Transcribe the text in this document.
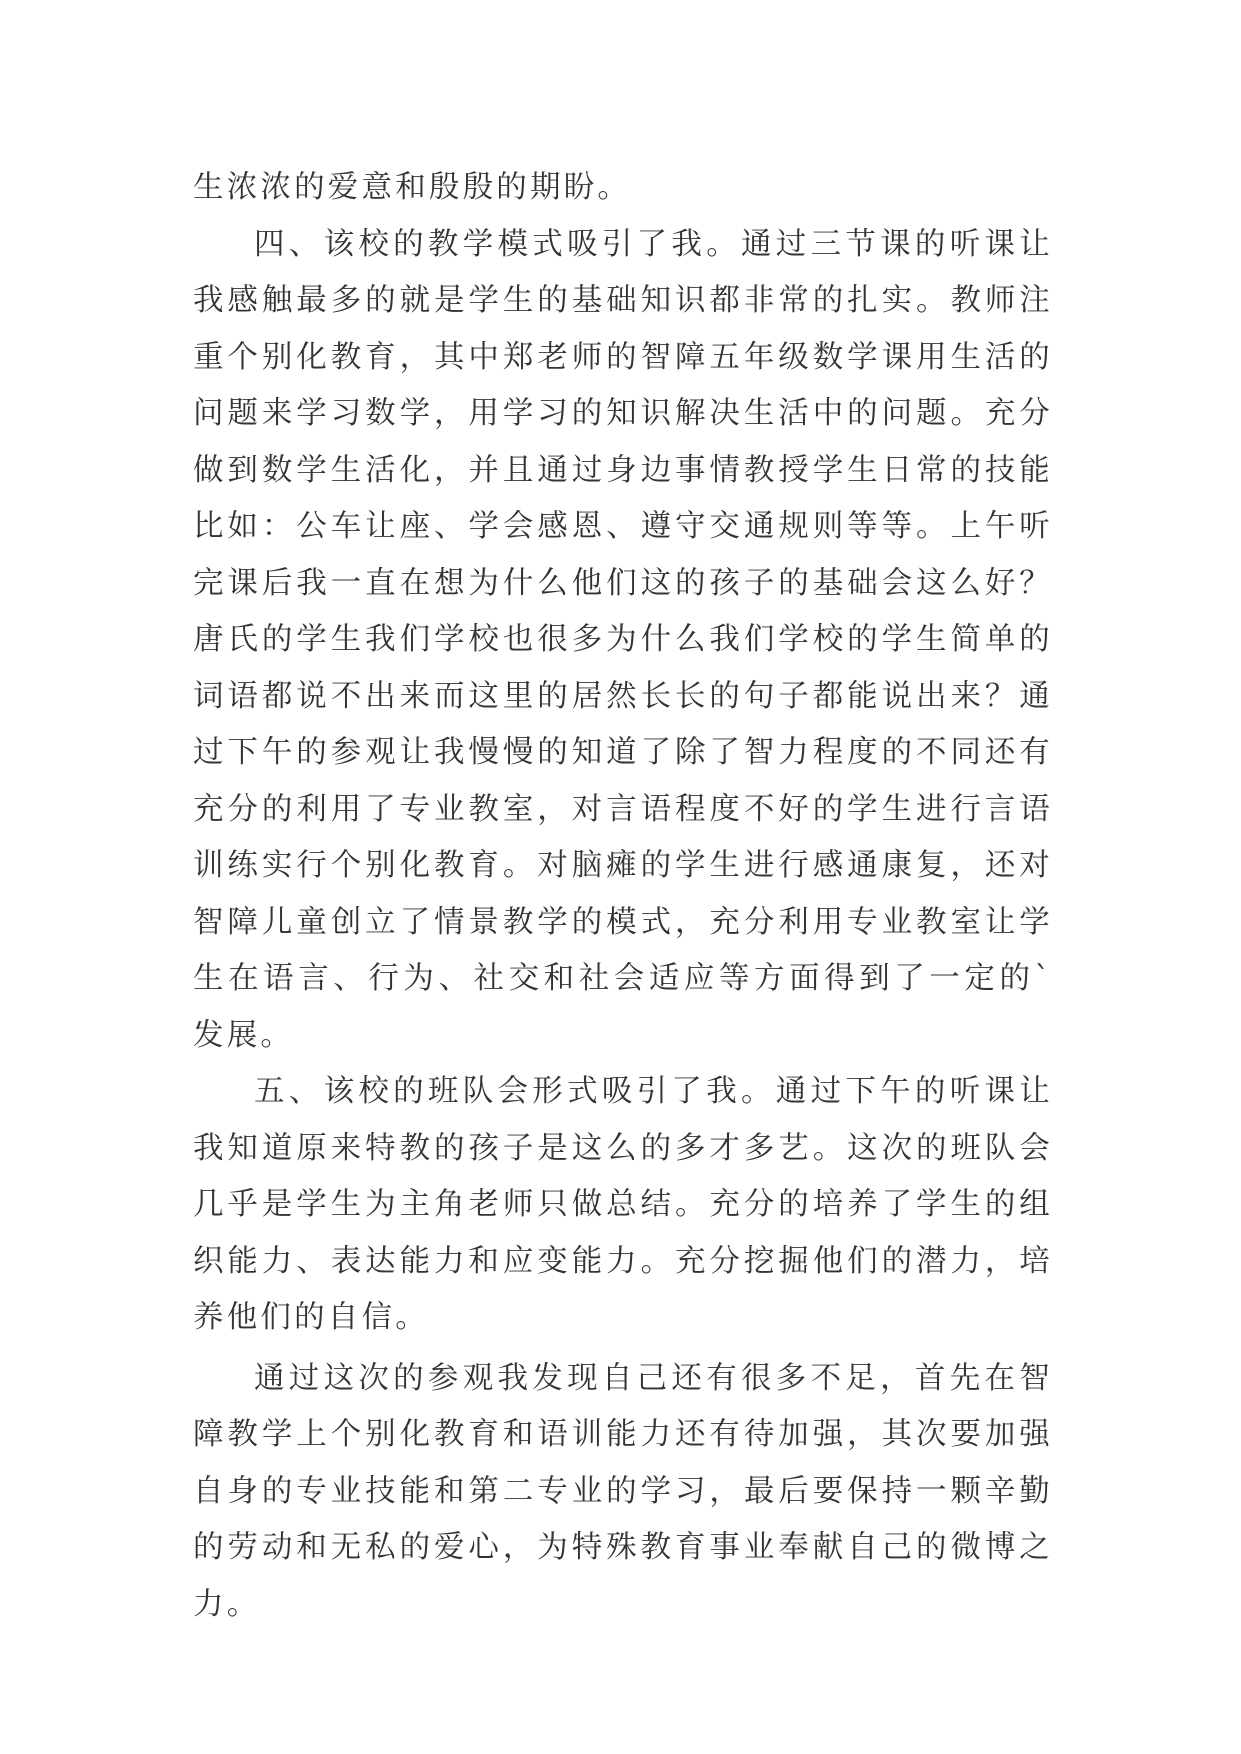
生浓浓的爱意和殷殷的期盼。

四、该校的教学模式吸引了我。通过三节课的听课让我感触最多的就是学生的基础知识都非常的扎实。教师注重个别化教育，其中郑老师的智障五年级数学课用生活的问题来学习数学，用学习的知识解决生活中的问题。充分做到数学生活化，并且通过身边事情教授学生日常的技能比如：公车让座、学会感恩、遵守交通规则等等。上午听完课后我一直在想为什么他们这的孩子的基础会这么好？唐氏的学生我们学校也很多为什么我们学校的学生简单的词语都说不出来而这里的居然长长的句子都能说出来？通过下午的参观让我慢慢的知道了除了智力程度的不同还有充分的利用了专业教室，对言语程度不好的学生进行言语训练实行个别化教育。对脑瘫的学生进行感通康复，还对智障儿童创立了情景教学的模式，充分利用专业教室让学生在语言、行为、社交和社会适应等方面得到了一定的`发展。

五、该校的班队会形式吸引了我。通过下午的听课让我知道原来特教的孩子是这么的多才多艺。这次的班队会几乎是学生为主角老师只做总结。充分的培养了学生的组织能力、表达能力和应变能力。充分挖掘他们的潜力，培养他们的自信。

通过这次的参观我发现自己还有很多不足，首先在智障教学上个别化教育和语训能力还有待加强，其次要加强自身的专业技能和第二专业的学习，最后要保持一颗辛勤的劳动和无私的爱心，为特殊教育事业奉献自己的微博之力。
